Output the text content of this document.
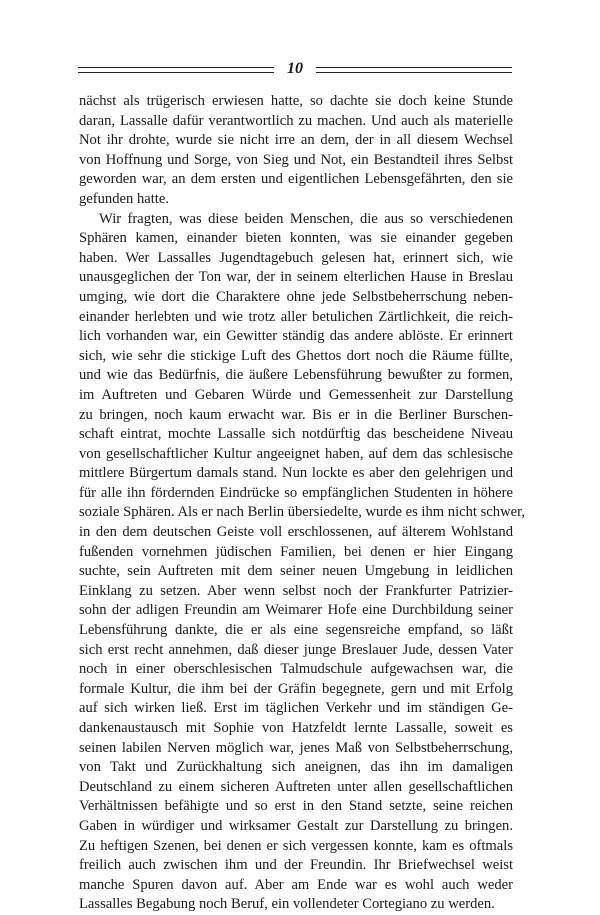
10
nächst als trügerisch erwiesen hatte, so dachte sie doch keine Stunde
daran, Lassalle dafür verantwortlich zu machen. Und auch als materielle
Not ihr drohte, wurde sie nicht irre an dem, der in all diesem Wechsel
von Hoffnung und Sorge, von Sieg und Not, ein Bestandteil ihres Selbst
geworden war, an dem ersten und eigentlichen Lebensgefährten, den sie
gefunden hatte.
Wir fragten, was diese beiden Menschen, die aus so verschiedenen
Sphären kamen, einander bieten konnten, was sie einander gegeben
haben. Wer Lassalles Jugendtagebuch gelesen hat, erinnert sich, wie
unausgeglichen der Ton war, der in seinem elterlichen Hause in Breslau
umging, wie dort die Charaktere ohne jede Selbstbeherrschung neben-
einander herlebten und wie trotz aller betulichen Zärtlichkeit, die reich-
lich vorhanden war, ein Gewitter ständig das andere ablöste. Er erinnert
sich, wie sehr die stickige Luft des Ghettos dort noch die Räume füllte,
und wie das Bedürfnis, die äußere Lebensführung bewußter zu formen,
im Auftreten und Gebaren Würde und Gemessenheit zur Darstellung
zu bringen, noch kaum erwacht war. Bis er in die Berliner Burschen-
schaft eintrat, mochte Lassalle sich notdürftig das bescheidene Niveau
von gesellschaftlicher Kultur angeeignet haben, auf dem das schlesische
mittlere Bürgertum damals stand. Nun lockte es aber den gelehrigen und
für alle ihn fördernden Eindrücke so empfänglichen Studenten in höhere
soziale Sphären. Als er nach Berlin übersiedelte, wurde es ihm nicht schwer,
in den dem deutschen Geiste voll erschlossenen, auf älterem Wohlstand
fußenden vornehmen jüdischen Familien, bei denen er hier Eingang
suchte, sein Auftreten mit dem seiner neuen Umgebung in leidlichen
Einklang zu setzen. Aber wenn selbst noch der Frankfurter Patrizier-
sohn der adligen Freundin am Weimarer Hofe eine Durchbildung seiner
Lebensführung dankte, die er als eine segensreiche empfand, so läßt
sich erst recht annehmen, daß dieser junge Breslauer Jude, dessen Vater
noch in einer oberschlesischen Talmudschule aufgewachsen war, die
formale Kultur, die ihm bei der Gräfin begegnete, gern und mit Erfolg
auf sich wirken ließ. Erst im täglichen Verkehr und im ständigen Ge-
dankenaustausch mit Sophie von Hatzfeldt lernte Lassalle, soweit es
seinen labilen Nerven möglich war, jenes Maß von Selbstbeherrschung,
von Takt und Zurückhaltung sich aneignen, das ihn im damaligen
Deutschland zu einem sicheren Auftreten unter allen gesellschaftlichen
Verhältnissen befähigte und so erst in den Stand setzte, seine reichen
Gaben in würdiger und wirksamer Gestalt zur Darstellung zu bringen.
Zu heftigen Szenen, bei denen er sich vergessen konnte, kam es oftmals
freilich auch zwischen ihm und der Freundin. Ihr Briefwechsel weist
manche Spuren davon auf. Aber am Ende war es wohl auch weder
Lassalles Begabung noch Beruf, ein vollendeter Cortegiano zu werden.
